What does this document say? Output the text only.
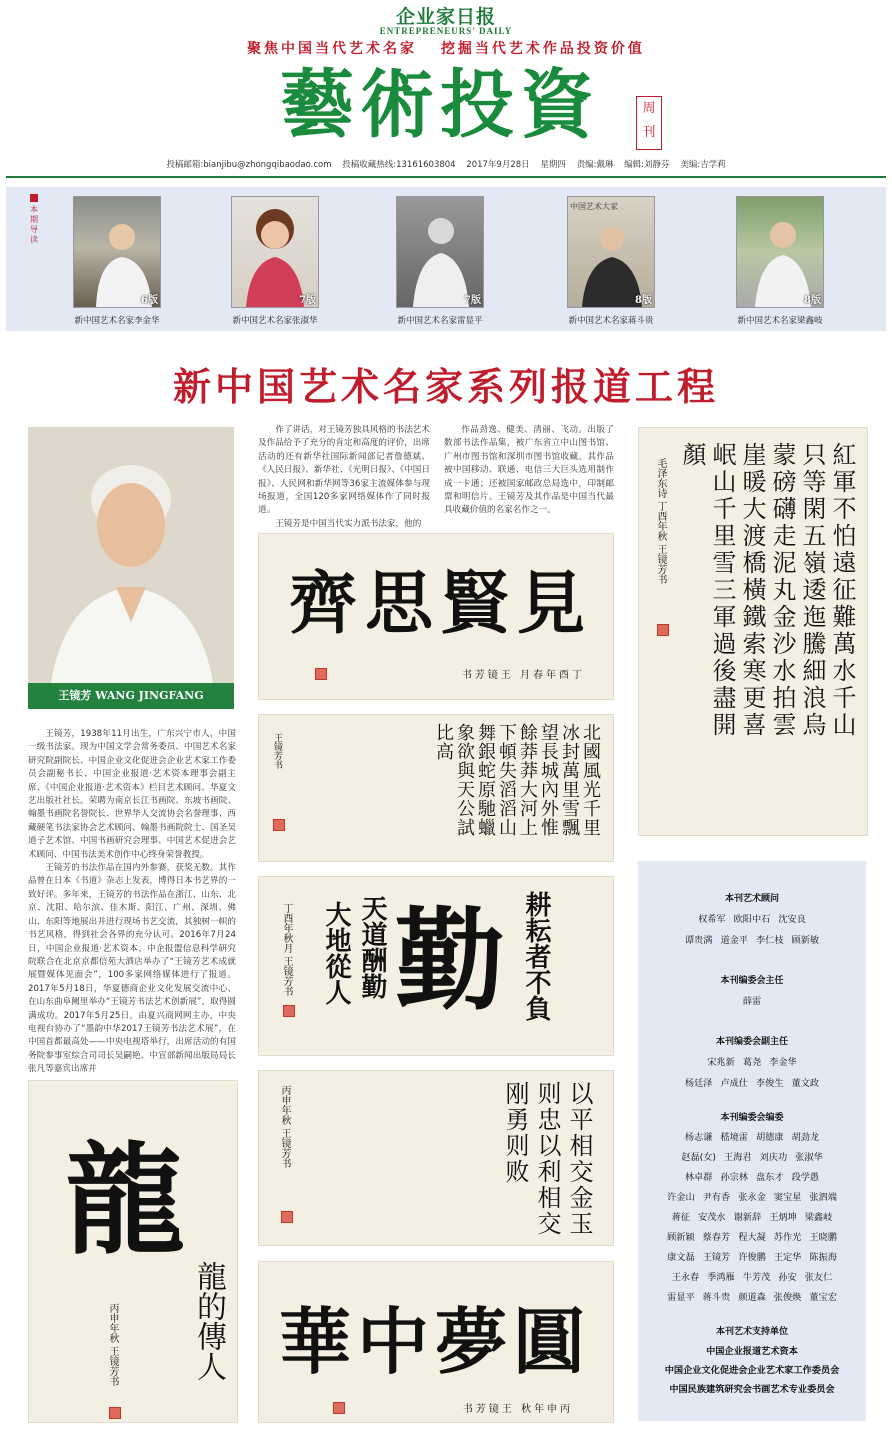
企业家日报
ENTREPRENEURS' DAILY
聚焦中国当代艺术名家 挖掘当代艺术作品投资价值
藝術投資	周刊
投稿邮箱:bianjibu@zhongqibaodao.com 投稿收藏热线:13161603804 2017年9月28日 星期四 责编:戴琳 编辑:刘静芬 美编:吉学莉
本期导读
6版
新中国艺术名家李金华
7版
新中国艺术名家张淑华
7版
新中国艺术名家雷显平
中国艺术大家
8版
新中国艺术名家蒋斗贵
8版
新中国艺术名家梁鑫岐
新中国艺术名家系列报道工程
王镜芳 WANG JINGFANG

王镜芳，1938年11月出生，广东兴宁市人，中国一级书法家。现为中国文学会常务委员、中国艺术名家研究院副院长、中国企业文化促进会企业艺术家工作委员会副秘书长、中国企业报道·艺术资本理事会副主席、《中国企业报道·艺术资本》栏目艺术顾问、华夏文艺出版社社长。荣聘为南京长江书画院、东坡书画院、翰墨书画院名誉院长、世界华人交流协会名誉理事、西藏硬笔书法家协会艺术顾问、翰墨书画院院士、国圣吴道子艺术馆、中国书画研究会理事、中国艺术促进会艺术顾问、中国书法美术创作中心终身荣誉教授。

王镜芳的书法作品在国内外参赛，获奖无数。其作品曾在日本《书道》杂志上发表，博得日本书艺界的一致好评。多年来，王镜芳的书法作品在浙江、山东、北京、沈阳、哈尔滨、佳木斯、阳江、广州、深圳、佛山、东阳等地展出并进行现场书艺交流，其独树一帜的书艺风格，得到社会各界的充分认可。2016年7月24日，中国企业报道·艺术资本、中企报盟信息科学研究院联合在北京京都信苑大酒店举办了“王镜芳艺术成就展暨媒体见面会”，100多家网络媒体进行了报道。2017年5月18日，华夏德商企业文化发展交流中心、在山东曲阜阙里举办“王镜芳书法艺术创新展”，取得圆满成功。2017年5月25日，由夏兴商网网主办，中央电视台协办了“墨韵中华2017王镜芳书法艺术展”，在中国首都最高处——中央电视塔举行，出席活动的有国务院参事室综合司司长吴嗣艳、中宣部新闻出版局局长张凡等嘉宾出席并

作了讲话，对王镜芳独具风格的书法艺术及作品给予了充分的肯定和高度的评价，出席活动的还有新华社国际新闻部记者詹德斌、《人民日报》、新华社、《光明日报》、《中国日报》、人民网和新华网等36家主流媒体参与现场报道，全国120多家网络媒体作了同时报道。

王镜芳是中国当代实力派书法家，他的

作品劲逸、健美、清丽、飞动。出版了数部书法作品集，被广东省立中山图书馆、广州市图书馆和深圳市图书馆收藏。其作品被中国移动、联通、电信三大巨头选用制作成一卡通；还被国家邮政总局选中，印制邮票和明信片。王镜芳及其作品是中国当代最具收藏价值的名家名作之一。

見賢思齊
丁酉年春月 王镜芳书
北國風光千里冰封萬里雪飄望長城內外惟餘莽莽大河上下頓失滔滔山舞銀蛇原馳蠟象欲與天公試比高
王镜芳书
勤
天道酬勤
大地從人	耕耘者不負
丁酉年秋月 王镜芳书
以平相交金玉则忠以利相交刚勇则败
丙申年秋 王镜芳书
龍
龍的傳人
丙申年秋 王镜芳书 圓夢中華
丙申年秋 王镜芳书
紅軍不怕遠征難萬水千山只等閑五嶺逶迤騰細浪烏蒙磅礴走泥丸金沙水拍雲崖暖大渡橋橫鐵索寒更喜岷山千里雪三軍過後盡開顏
毛泽东诗 丁酉年秋 王镜芳书
本刊艺术顾问
权希军 欧阳中石 沈安良
谭贵满 道金平 李仁枝 顾新敏
本刊编委会主任
薛雷
本刊编委会副主任
宋兆新 葛尧 李金华
杨廷泽 卢成仕 李俊生 董文政
本刊编委会编委
杨志谦 嵇境雷 胡德康 胡劲龙
赵磊(女) 王海君 刘庆功 张淑华
林卓群 孙宗林 盘东才 段学愚
许金山 尹有香 张永金 窦宝星 张泗端
蒋征 安茂水 谢新辞 王炳坤 梁鑫岐
顾新颖 蔡春芳 程大凝 苏作光 王晓鹏
康文磊 王镜芳 许俊鹏 王定华 陈振海
王永春 季鸿雁 牛芳茂 孙安 张友仁
雷显平 蒋斗贵 颜道森 张俊焕 董宝宏
本刊艺术支持单位
中国企业报道艺术资本
中国企业文化促进会企业艺术家工作委员会
中国民族建筑研究会书画艺术专业委员会
